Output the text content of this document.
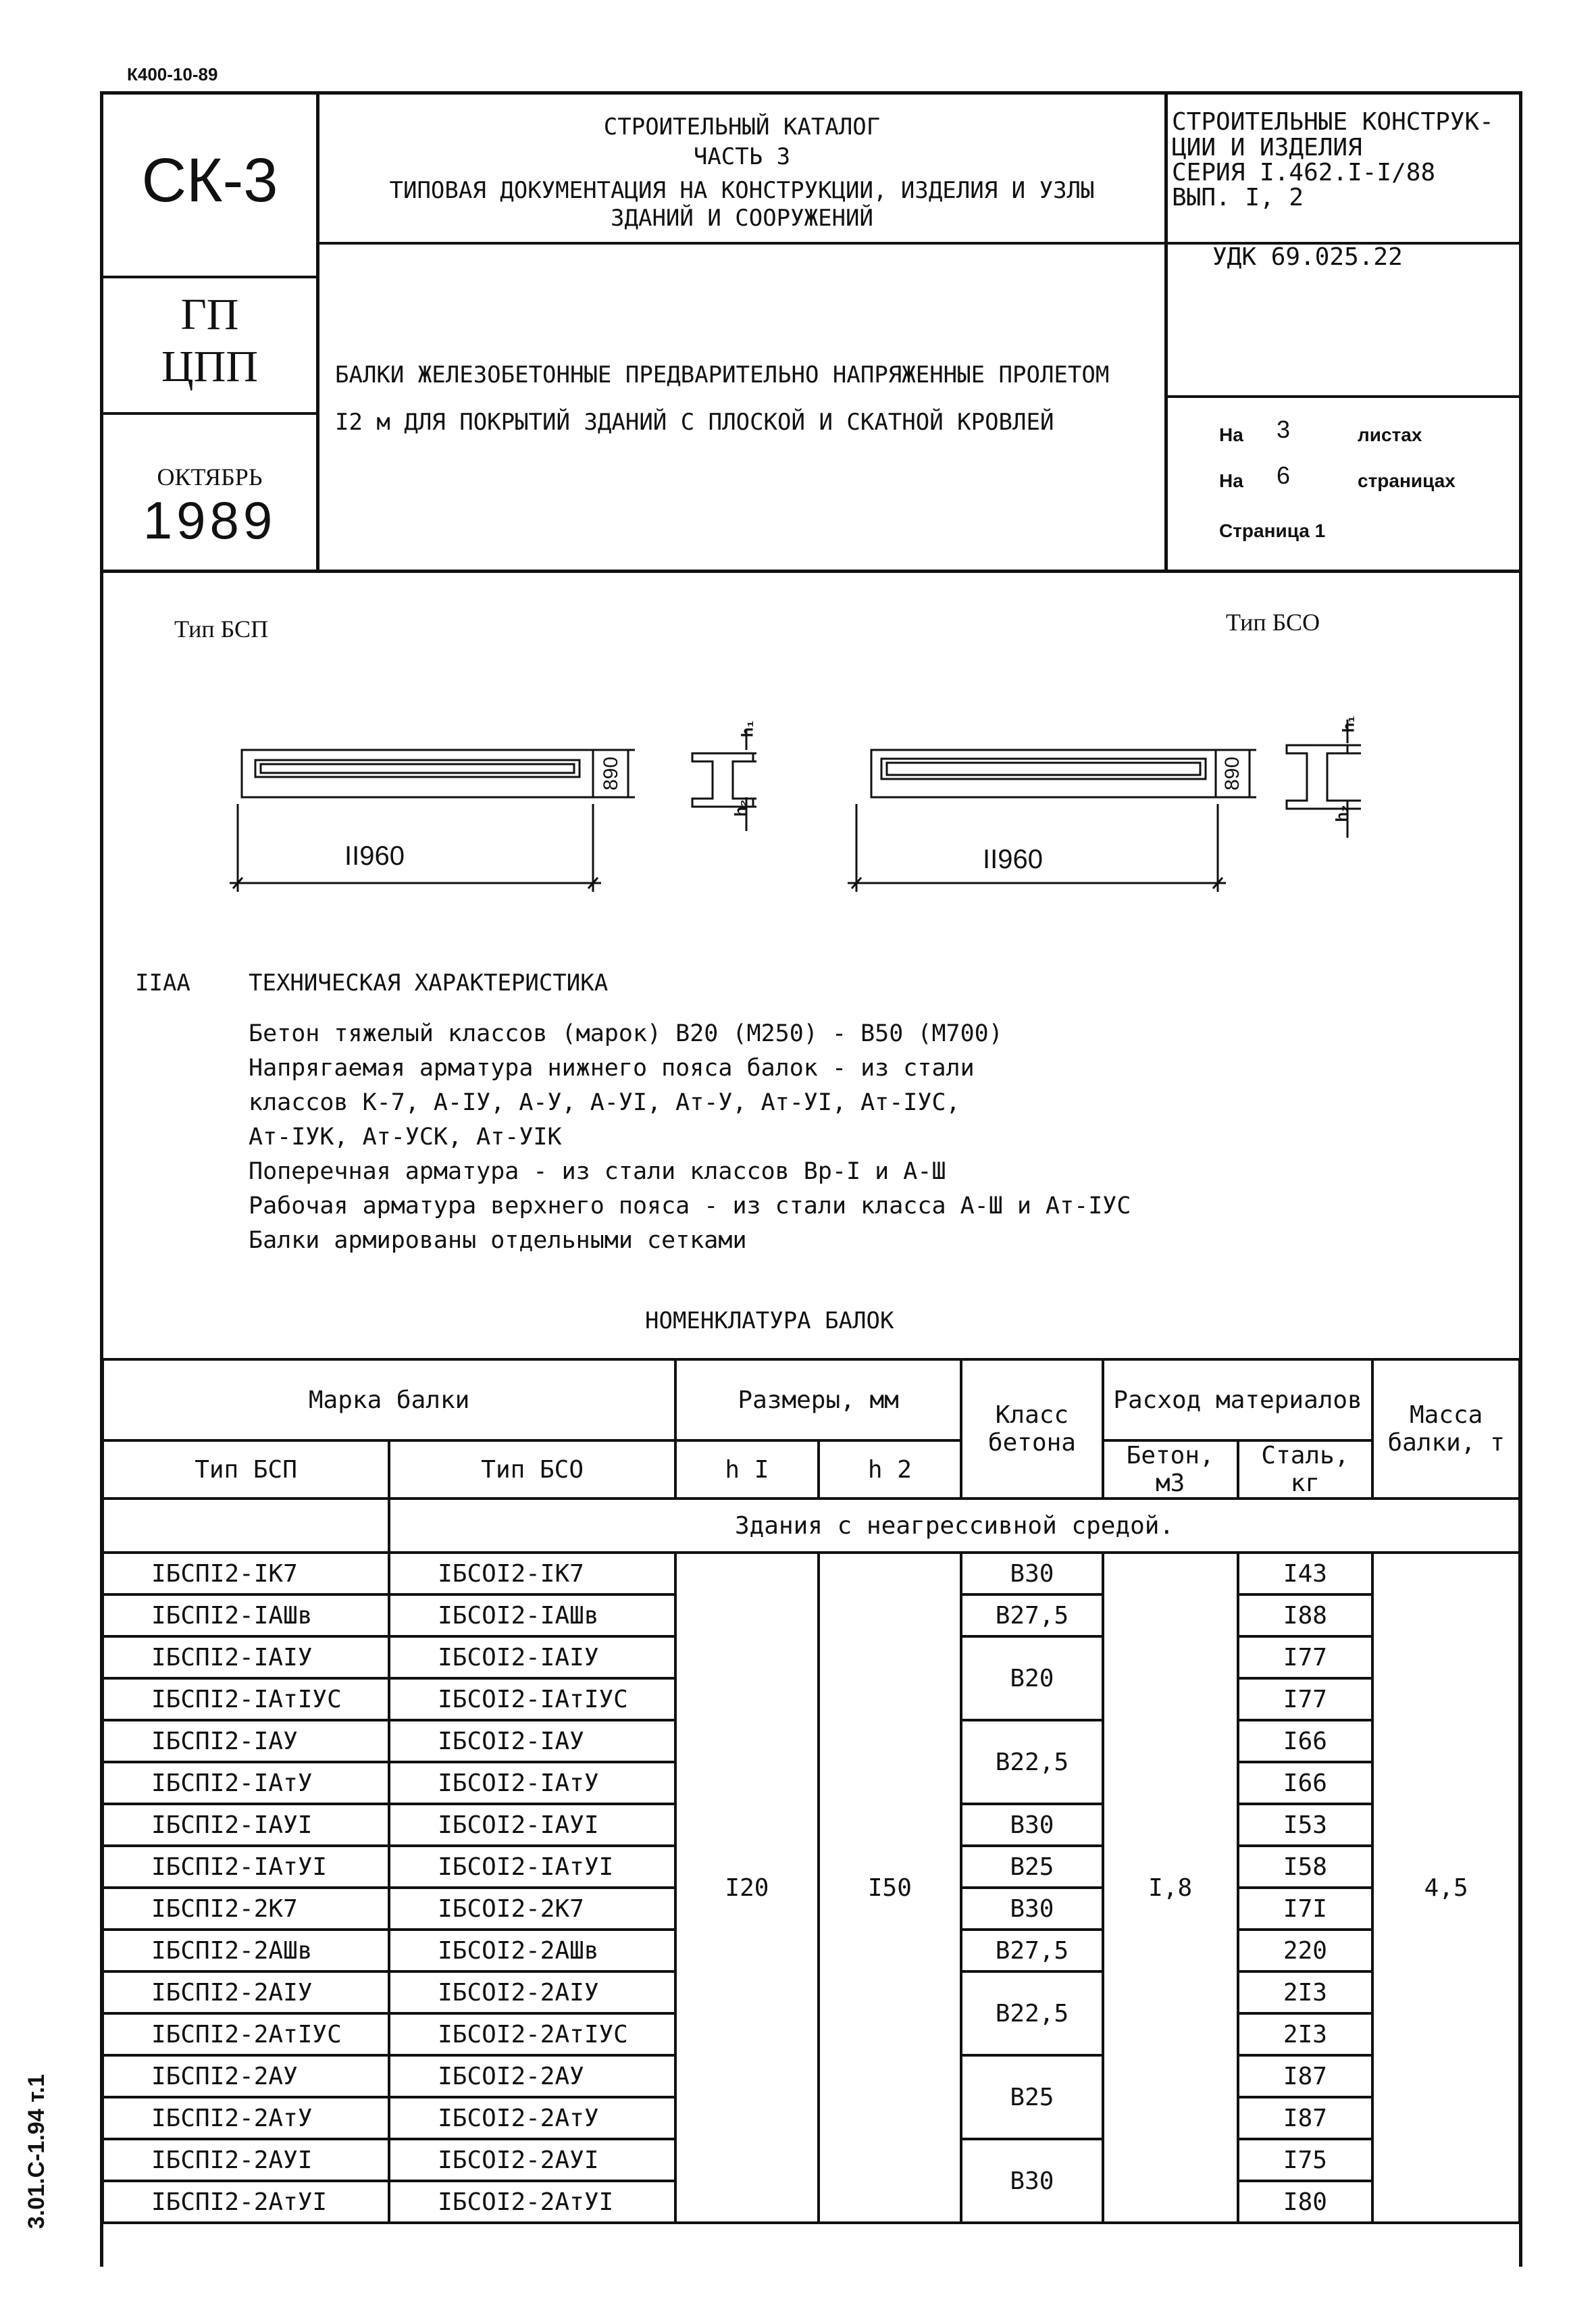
К400-10-89
3.01.С-1.94 т.1
СК-3
ГП
ЦПП
ОКТЯБРЬ
1989
СТРОИТЕЛЬНЫЙ КАТАЛОГ
ЧАСТЬ 3
ТИПОВАЯ ДОКУМЕНТАЦИЯ НА КОНСТРУКЦИИ, ИЗДЕЛИЯ И УЗЛЫ
ЗДАНИЙ И СООРУЖЕНИЙ
СТРОИТЕЛЬНЫЕ КОНСТРУК-
ЦИИ И ИЗДЕЛИЯ
СЕРИЯ I.462.I-I/88
ВЫП. I, 2
УДК 69.025.22
БАЛКИ ЖЕЛЕЗОБЕТОННЫЕ ПРЕДВАРИТЕЛЬНО НАПРЯЖЕННЫЕ ПРОЛЕТОМ
I2 м ДЛЯ ПОКРЫТИЙ ЗДАНИЙ С ПЛОСКОЙ И СКАТНОЙ КРОВЛЕЙ	На 3	листах
На 6	страницах
Страница 1
Тип БСП	Тип БСО
II960	II960
890	890
h₁
h₂
h₁
h₂
IIAA	ТЕХНИЧЕСКАЯ ХАРАКТЕРИСТИКА

Бетон тяжелый классов (марок) В20 (М250) - В50 (М700)

Напрягаемая арматура нижнего пояса балок - из стали

классов К-7, А-IУ, А-У, А-УI, Ат-У, Ат-УI, Ат-IУС,

Ат-IУК, Ат-УСК, Ат-УIК

Поперечная арматура - из стали классов Вр-I и А-Ш

Рабочая арматура верхнего пояса - из стали класса А-Ш и Ат-IУС

Балки армированы отдельными сетками

НОМЕНКЛАТУРА БАЛОК
Марка балки		Размеры, мм		Класс бетона	Расход материалов		Масса балки, т
Тип БСП	Тип БСО	h I	h 2		Бетон, м3	Сталь, кг	
	Здания с неагрессивной средой.						
IБСПI2-IК7	IБСОI2-IК7	I20	I50	В30	I,8	I43	4,5
IБСПI2-IАШв	IБСОI2-IАШв			В27,5		I88	
IБСПI2-IАIУ	IБСОI2-IАIУ			В20		I77	
IБСПI2-IАтIУС	IБСОI2-IАтIУС					I77	
IБСПI2-IАУ	IБСОI2-IАУ			В22,5		I66	
IБСПI2-IАтУ	IБСОI2-IАтУ					I66	
IБСПI2-IАУI	IБСОI2-IАУI			В30		I53	
IБСПI2-IАтУI	IБСОI2-IАтУI			В25		I58	
IБСПI2-2К7	IБСОI2-2К7			В30		I7I	
IБСПI2-2АШв	IБСОI2-2АШв			В27,5		220	
IБСПI2-2АIУ	IБСОI2-2АIУ			В22,5		2I3	
IБСПI2-2АтIУС	IБСОI2-2АтIУС					2I3	
IБСПI2-2АУ	IБСОI2-2АУ			В25		I87	
IБСПI2-2АтУ	IБСОI2-2АтУ					I87	
IБСПI2-2АУI	IБСОI2-2АУI			В30		I75	
IБСПI2-2АтУI	IБСОI2-2АтУI					I80	
